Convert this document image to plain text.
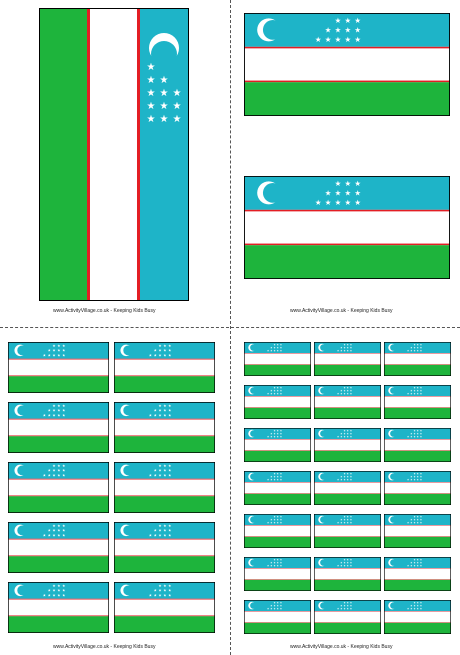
★
★
★
★
★
★
★
★
★
★
★
★
★ ★ ★
★ ★ ★ ★
★ ★ ★ ★ ★
★ ★ ★
★ ★ ★ ★
★ ★ ★ ★ ★
★ ★ ★
★ ★ ★ ★
★ ★ ★ ★ ★
★ ★ ★
★ ★ ★ ★
★ ★ ★ ★ ★
★ ★ ★
★ ★ ★ ★
★ ★ ★ ★ ★
★ ★ ★
★ ★ ★ ★
★ ★ ★ ★ ★
★ ★ ★
★ ★ ★ ★
★ ★ ★ ★ ★
★ ★ ★
★ ★ ★ ★
★ ★ ★ ★ ★
★ ★ ★
★ ★ ★ ★
★ ★ ★ ★ ★
★ ★ ★
★ ★ ★ ★
★ ★ ★ ★ ★
★ ★ ★
★ ★ ★ ★
★ ★ ★ ★ ★
★ ★ ★
★ ★ ★ ★
★ ★ ★ ★ ★
★ ★ ★
★ ★ ★ ★
★ ★ ★ ★ ★
★ ★ ★
★ ★ ★ ★
★ ★ ★ ★ ★
★ ★ ★
★ ★ ★ ★
★ ★ ★ ★ ★
★ ★ ★
★ ★ ★ ★
★ ★ ★ ★ ★
★ ★ ★
★ ★ ★ ★
★ ★ ★ ★ ★
★ ★ ★
★ ★ ★ ★
★ ★ ★ ★ ★
★ ★ ★
★ ★ ★ ★
★ ★ ★ ★ ★
★ ★ ★
★ ★ ★ ★
★ ★ ★ ★ ★
★ ★ ★
★ ★ ★ ★
★ ★ ★ ★ ★
★ ★ ★
★ ★ ★ ★
★ ★ ★ ★ ★
★ ★ ★
★ ★ ★ ★
★ ★ ★ ★ ★
★ ★ ★
★ ★ ★ ★
★ ★ ★ ★ ★
★ ★ ★
★ ★ ★ ★
★ ★ ★ ★ ★
★ ★ ★
★ ★ ★ ★
★ ★ ★ ★ ★
★ ★ ★
★ ★ ★ ★
★ ★ ★ ★ ★
★ ★ ★
★ ★ ★ ★
★ ★ ★ ★ ★
★ ★ ★
★ ★ ★ ★
★ ★ ★ ★ ★
★ ★ ★
★ ★ ★ ★
★ ★ ★ ★ ★
★ ★ ★
★ ★ ★ ★
★ ★ ★ ★ ★
★ ★ ★
★ ★ ★ ★
★ ★ ★ ★ ★
★ ★ ★
★ ★ ★ ★
★ ★ ★ ★ ★
www.ActivityVillage.co.uk - Keeping Kids Busy	www.ActivityVillage.co.uk - Keeping Kids Busy
www.ActivityVillage.co.uk - Keeping Kids Busy	www.ActivityVillage.co.uk - Keeping Kids Busy
